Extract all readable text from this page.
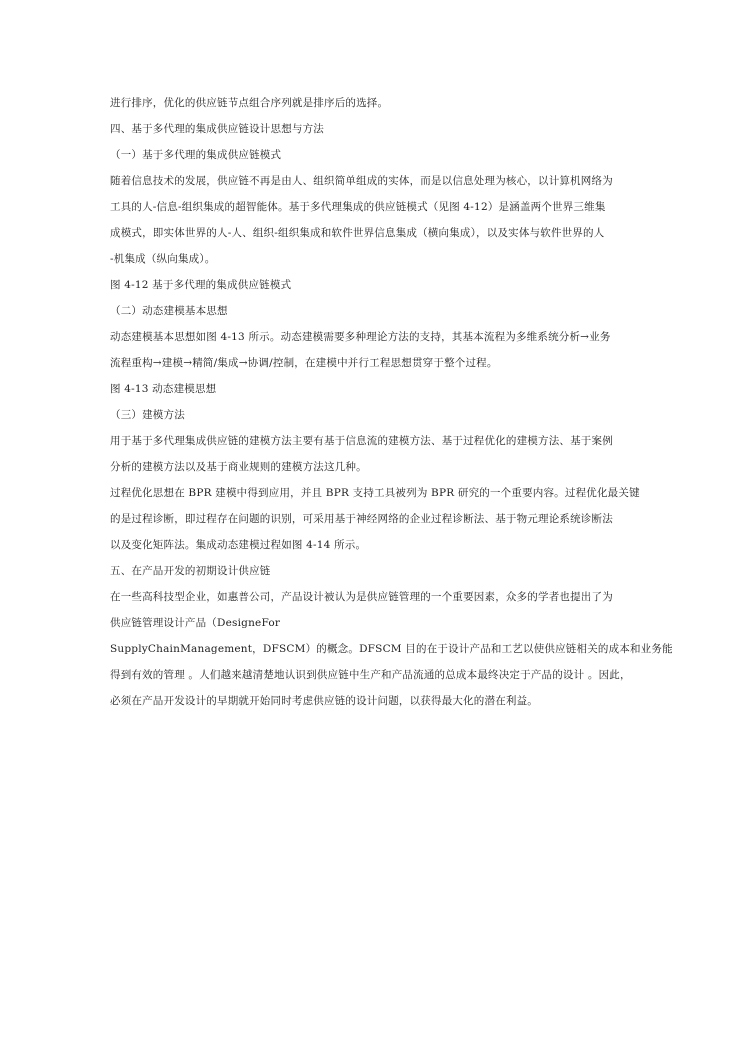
进行排序，优化的供应链节点组合序列就是排序后的选择。
四、基于多代理的集成供应链设计思想与方法
（一）基于多代理的集成供应链模式
随着信息技术的发展，供应链不再是由人、组织简单组成的实体，而是以信息处理为核心，以计算机网络为
工具的人-信息-组织集成的超智能体。基于多代理集成的供应链模式（见图 4-12）是涵盖两个世界三维集
成模式，即实体世界的人-人、组织-组织集成和软件世界信息集成（横向集成），以及实体与软件世界的人
-机集成（纵向集成）。
图 4-12 基于多代理的集成供应链模式
（二）动态建模基本思想
动态建模基本思想如图 4-13 所示。动态建模需要多种理论方法的支持，其基本流程为多维系统分析→业务
流程重构→建模→精简/集成→协调/控制，在建模中并行工程思想贯穿于整个过程。
图 4-13 动态建模思想
（三）建模方法
用于基于多代理集成供应链的建模方法主要有基于信息流的建模方法、基于过程优化的建模方法、基于案例
分析的建模方法以及基于商业规则的建模方法这几种。
过程优化思想在 BPR 建模中得到应用，并且 BPR 支持工具被列为 BPR 研究的一个重要内容。过程优化最关键
的是过程诊断，即过程存在问题的识别，可采用基于神经网络的企业过程诊断法、基于物元理论系统诊断法
以及变化矩阵法。集成动态建模过程如图 4-14 所示。
五、在产品开发的初期设计供应链
在一些高科技型企业，如惠普公司，产品设计被认为是供应链管理的一个重要因素，众多的学者也提出了为
供应链管理设计产品（DesigneFor
SupplyChainManagement，DFSCM）的概念。DFSCM 目的在于设计产品和工艺以使供应链相关的成本和业务能
得到有效的管理 。人们越来越清楚地认识到供应链中生产和产品流通的总成本最终决定于产品的设计 。因此，
必须在产品开发设计的早期就开始同时考虑供应链的设计问题，以获得最大化的潜在利益。
